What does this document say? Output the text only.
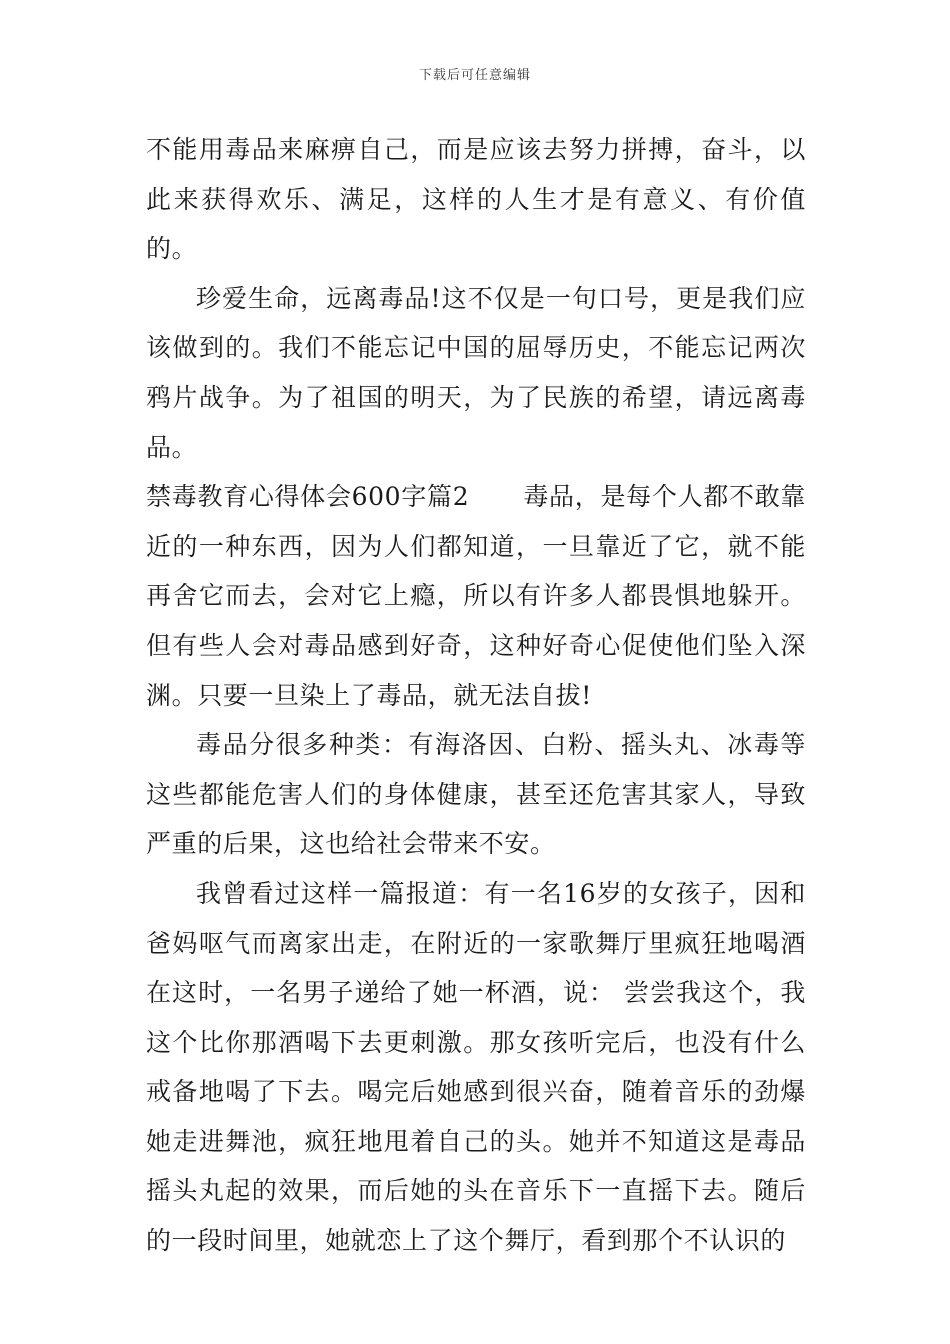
下载后可任意编辑

不能用毒品来麻痹自己，而是应该去努力拼搏，奋斗，以此来获得欢乐、满足，这样的人生才是有意义、有价值的。

珍爱生命，远离毒品!这不仅是一句口号，更是我们应该做到的。我们不能忘记中国的屈辱历史，不能忘记两次鸦片战争。为了祖国的明天，为了民族的希望，请远离毒品。

禁毒教育心得体会600字篇2 毒品，是每个人都不敢靠近的一种东西，因为人们都知道，一旦靠近了它，就不能再舍它而去，会对它上瘾，所以有许多人都畏惧地躲开。但有些人会对毒品感到好奇，这种好奇心促使他们坠入深渊。只要一旦染上了毒品，就无法自拔!

毒品分很多种类：有海洛因、白粉、摇头丸、冰毒等这些都能危害人们的身体健康，甚至还危害其家人，导致严重的后果，这也给社会带来不安。

我曾看过这样一篇报道：有一名16岁的女孩子，因和爸妈呕气而离家出走，在附近的一家歌舞厅里疯狂地喝酒在这时，一名男子递给了她一杯酒，说： 尝尝我这个，我这个比你那酒喝下去更刺激。那女孩听完后，也没有什么戒备地喝了下去。喝完后她感到很兴奋，随着音乐的劲爆她走进舞池，疯狂地甩着自己的头。她并不知道这是毒品摇头丸起的效果，而后她的头在音乐下一直摇下去。随后的一段时间里，她就恋上了这个舞厅，看到那个不认识的
